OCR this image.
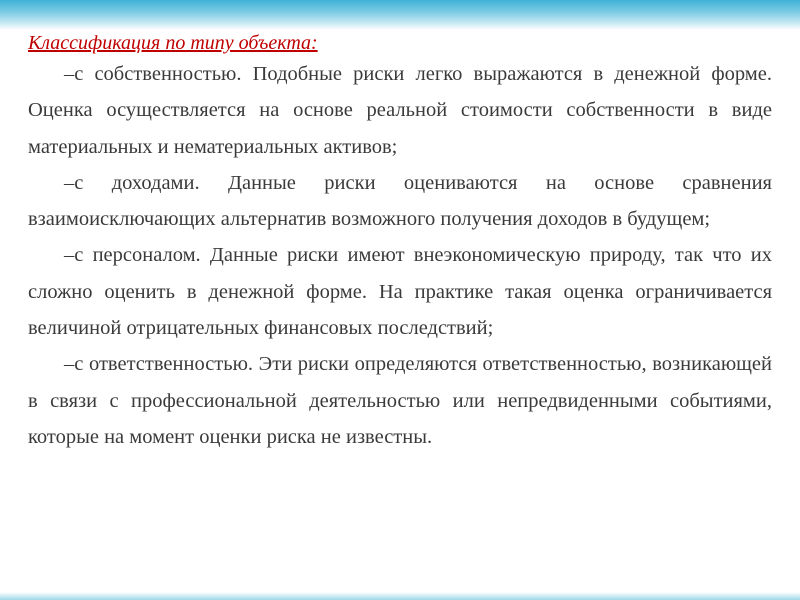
Классификация по типу объекта:

–с собственностью. Подобные риски легко выражаются в денежной форме. Оценка осуществляется на основе реальной стоимости собственности в виде материальных и нематериальных активов;

–с доходами. Данные риски оцениваются на основе сравнения взаимоисключающих альтернатив возможного получения доходов в будущем;

–с персоналом. Данные риски имеют внеэкономическую природу, так что их сложно оценить в денежной форме. На практике такая оценка ограничивается величиной отрицательных финансовых последствий;

–с ответственностью. Эти риски определяются ответственностью, возникающей в связи с профессиональной деятельностью или непредвиденными событиями, которые на момент оценки риска не известны.
